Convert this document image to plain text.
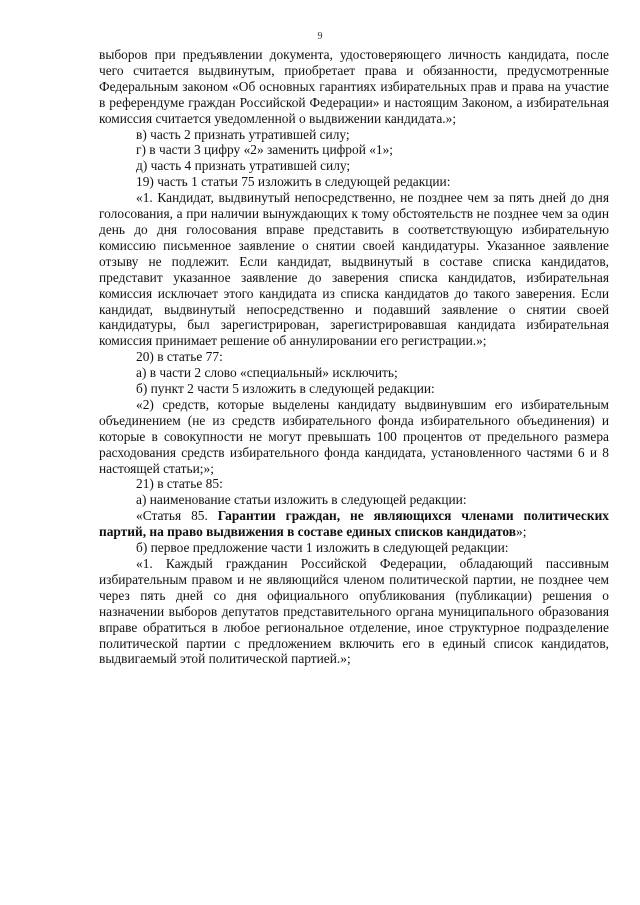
9

выборов при предъявлении документа, удостоверяющего личность кандидата, после чего считается выдвинутым, приобретает права и обязанности, предусмотренные Федеральным законом «Об основных гарантиях избирательных прав и права на участие в референдуме граждан Российской Федерации» и настоящим Законом, а избирательная комиссия считается уведомленной о выдвижении кандидата.»;

в) часть 2 признать утратившей силу;

г) в части 3 цифру «2» заменить цифрой «1»;

д) часть 4 признать утратившей силу;

19) часть 1 статьи 75 изложить в следующей редакции:

«1. Кандидат, выдвинутый непосредственно, не позднее чем за пять дней до дня голосования, а при наличии вынуждающих к тому обстоятельств не позднее чем за один день до дня голосования вправе представить в соответствующую избирательную комиссию письменное заявление о снятии своей кандидатуры. Указанное заявление отзыву не подлежит. Если кандидат, выдвинутый в составе списка кандидатов, представит указанное заявление до заверения списка кандидатов, избирательная комиссия исключает этого кандидата из списка кандидатов до такого заверения. Если кандидат, выдвинутый непосредственно и подавший заявление о снятии своей кандидатуры, был зарегистрирован, зарегистрировавшая кандидата избирательная комиссия принимает решение об аннулировании его регистрации.»;

20) в статье 77:

а) в части 2 слово «специальный» исключить;

б) пункт 2 части 5 изложить в следующей редакции:

«2) средств, которые выделены кандидату выдвинувшим его избирательным объединением (не из средств избирательного фонда избирательного объединения) и которые в совокупности не могут превышать 100 процентов от предельного размера расходования средств избирательного фонда кандидата, установленного частями 6 и 8 настоящей статьи;»;

21) в статье 85:

а) наименование статьи изложить в следующей редакции:

«Статья 85. Гарантии граждан, не являющихся членами политических партий, на право выдвижения в составе единых списков кандидатов»;

б) первое предложение части 1 изложить в следующей редакции:

«1. Каждый гражданин Российской Федерации, обладающий пассивным избирательным правом и не являющийся членом политической партии, не позднее чем через пять дней со дня официального опубликования (публикации) решения о назначении выборов депутатов представительного органа муниципального образования вправе обратиться в любое региональное отделение, иное структурное подразделение политической партии с предложением включить его в единый список кандидатов, выдвигаемый этой политической партией.»;
